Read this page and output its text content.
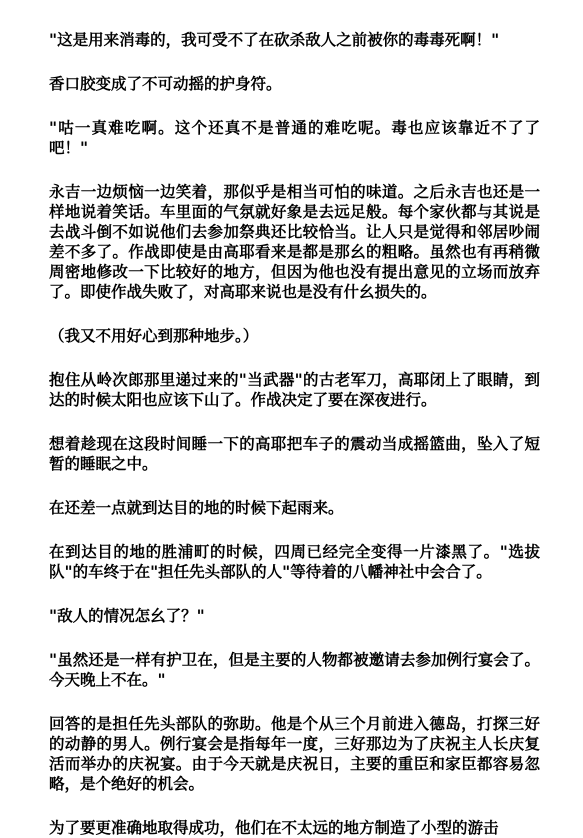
"这是用来消毒的，我可受不了在砍杀敌人之前被你的毒毒死啊！"

香口胶变成了不可动摇的护身符。

"咕一真难吃啊。这个还真不是普通的难吃呢。毒也应该靠近不了了吧！"

永吉一边烦恼一边笑着，那似乎是相当可怕的味道。之后永吉也还是一样地说着笑话。车里面的气氛就好象是去远足般。每个家伙都与其说是去战斗倒不如说他们去参加祭典还比较恰当。让人只是觉得和邻居吵闹差不多了。作战即使是由高耶看来是都是那幺的粗略。虽然也有再稍微周密地修改一下比较好的地方，但因为他也没有提出意见的立场而放弃了。即使作战失败了，对高耶来说也是没有什幺损失的。

（我又不用好心到那种地步。）

抱住从岭次郎那里递过来的"当武器"的古老军刀，高耶闭上了眼睛，到达的时候太阳也应该下山了。作战决定了要在深夜进行。

想着趁现在这段时间睡一下的高耶把车子的震动当成摇篮曲，坠入了短暂的睡眠之中。

在还差一点就到达目的地的时候下起雨来。

在到达目的地的胜浦町的时候，四周已经完全变得一片漆黑了。"选拔队"的车终于在"担任先头部队的人"等待着的八幡神社中会合了。

"敌人的情况怎幺了？"

"虽然还是一样有护卫在，但是主要的人物都被邀请去参加例行宴会了。今天晚上不在。"

回答的是担任先头部队的弥助。他是个从三个月前进入德岛，打探三好的动静的男人。例行宴会是指每年一度，三好那边为了庆祝主人长庆复活而举办的庆祝宴。由于今天就是庆祝日，主要的重臣和家臣都容易忽略，是个绝好的机会。

为了要更准确地取得成功，他们在不太远的地方制造了小型的游击
